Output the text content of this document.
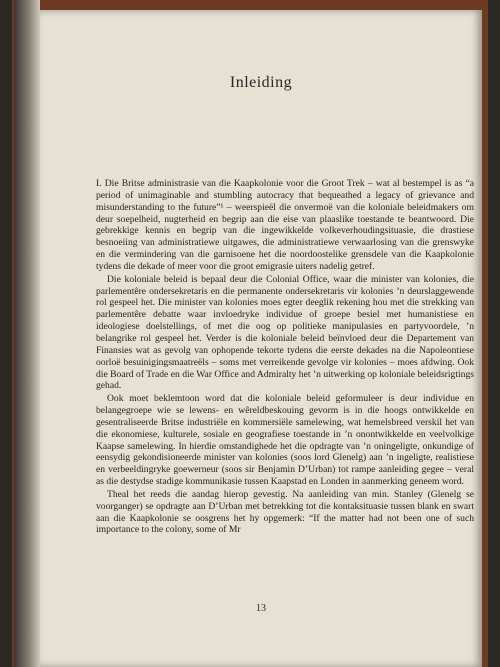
Inleiding

I. Die Britse administrasie van die Kaapkolonie voor die Groot Trek – wat al bestempel is as “a period of unimaginable and stumbling autocracy that bequeathed a legacy of grievance and misunderstanding to the future”¹ – weerspieël die onvermoë van die koloniale beleidmakers om deur soepelheid, nugterheid en begrip aan die eise van plaaslike toestande te beantwoord. Die gebrekkige kennis en begrip van die ingewikkelde volkeverhoudingsituasie, die drastiese besnoeiing van administratiewe uitgawes, die administratiewe verwaarlosing van die grenswyke en die vermindering van die garnisoene het die noordoostelike grensdele van die Kaapkolonie tydens die dekade of meer voor die groot emigrasie uiters nadelig getref.

Die koloniale beleid is bepaal deur die Colonial Office, waar die minister van kolonies, die parlementêre ondersekretaris en die permanente ondersekretaris vir kolonies ’n deurslaggewende rol gespeel het. Die minister van kolonies moes egter deeglik rekening hou met die strekking van parlementêre debatte waar invloedryke individue of groepe besiel met humanistiese en ideologiese doelstellings, of met die oog op politieke manipulasies en partyvoordele, ’n belangrike rol gespeel het. Verder is die koloniale beleid beïnvloed deur die Departement van Finansies wat as gevolg van ophopende tekorte tydens die eerste dekades na die Napoleontiese oorloë besuinigingsmaatreëls – soms met verreikende gevolge vir kolonies – moes afdwing. Ook die Board of Trade en die War Office and Admiralty het ’n uitwerking op koloniale beleidsrigtings gehad.

Ook moet beklemtoon word dat die koloniale beleid geformuleer is deur individue en belangegroepe wie se lewens- en wêreldbeskouing gevorm is in die hoogs ontwikkelde en gesentraliseerde Britse industriële en kommersiële samelewing, wat hemelsbreed verskil het van die ekonomiese, kulturele, sosiale en geografiese toestande in ’n onontwikkelde en veelvolkige Kaapse samelewing. In hierdie omstandighede het die opdragte van ’n oningeligte, onkundige of eensydig gekondisioneerde minister van kolonies (soos lord Glenelg) aan ’n ingeligte, realistiese en verbeeldingryke goewerneur (soos sir Benjamin D’Urban) tot rampe aanleiding gegee – veral as die destydse stadige kommunikasie tussen Kaapstad en Londen in aanmerking geneem word.

Theal het reeds die aandag hierop gevestig. Na aanleiding van min. Stanley (Glenelg se voorganger) se opdragte aan D’Urban met betrekking tot die kontaksituasie tussen blank en swart aan die Kaapkolonie se oosgrens het hy opgemerk: “If the matter had not been one of such importance to the colony, some of Mr

13
